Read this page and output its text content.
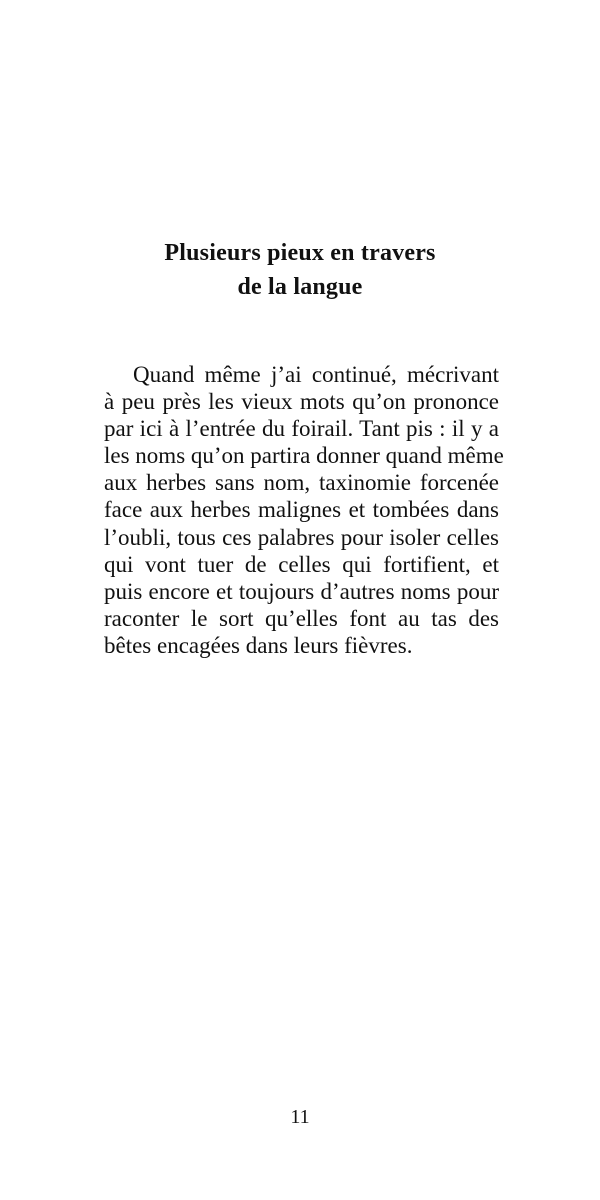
Plusieurs pieux en travers
de la langue
Quand même j’ai continué, mécrivant
à peu près les vieux mots qu’on prononce
par ici à l’entrée du foirail. Tant pis : il y a
les noms qu’on partira donner quand même
aux herbes sans nom, taxinomie forcenée
face aux herbes malignes et tombées dans
l’oubli, tous ces palabres pour isoler celles
qui vont tuer de celles qui fortifient, et
puis encore et toujours d’autres noms pour
raconter le sort qu’elles font au tas des
bêtes encagées dans leurs fièvres.
11
